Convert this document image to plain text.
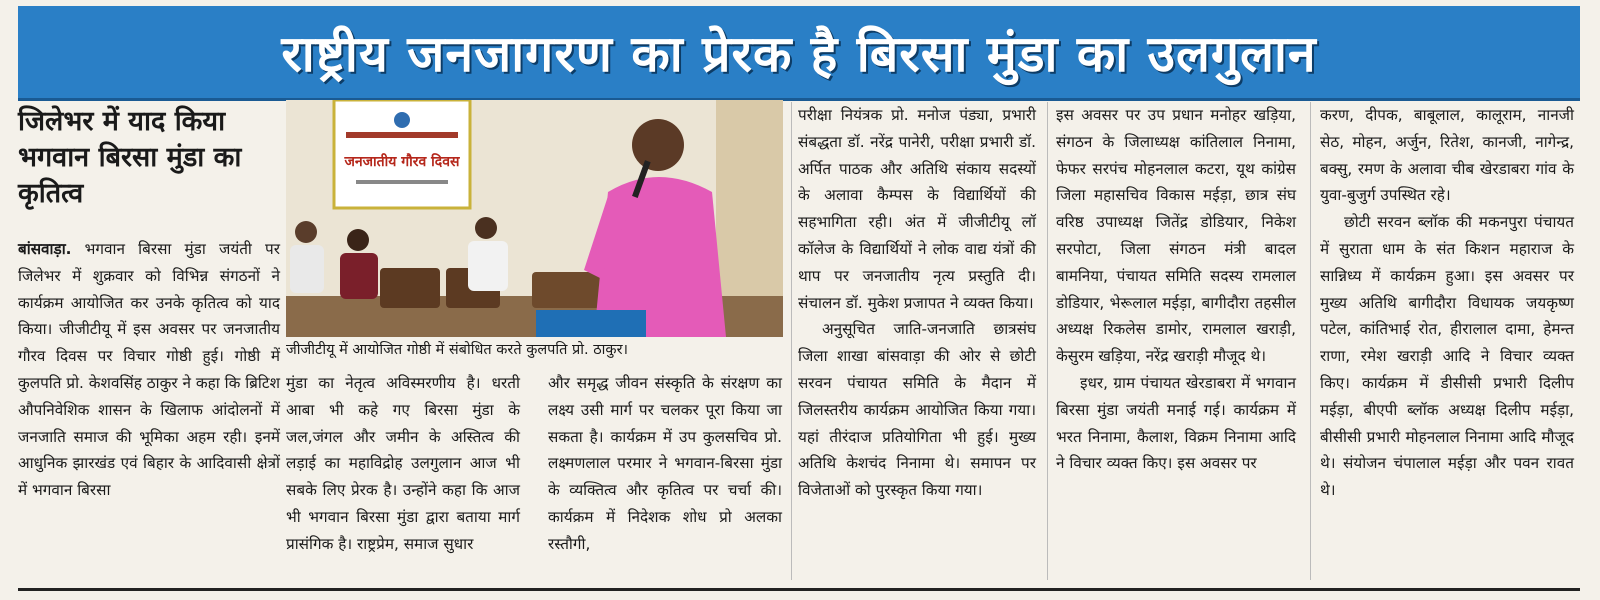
राष्ट्रीय जनजागरण का प्रेरक है बिरसा मुंडा का उलगुलान
जिलेभर में याद किया भगवान बिरसा मुंडा का कृतित्व

बांसवाड़ा. भगवान बिरसा मुंडा जयंती पर जिलेभर में शुक्रवार को विभिन्न संगठनों ने कार्यक्रम आयोजित कर उनके कृतित्व को याद किया। जीजीटीयू में इस अवसर पर जनजातीय गौरव दिवस पर विचार गोष्ठी हुई। गोष्ठी में कुलपति प्रो. केशवसिंह ठाकुर ने कहा कि ब्रिटिश औपनिवेशिक शासन के खिलाफ आंदोलनों में जनजाति समाज की भूमिका अहम रही। इनमें आधुनिक झारखंड एवं बिहार के आदिवासी क्षेत्रों में भगवान बिरसा

जनजातीय गौरव दिवस

जीजीटीयू में आयोजित गोष्ठी में संबोधित करते कुलपति प्रो. ठाकुर।

मुंडा का नेतृत्व अविस्मरणीय है। धरती आबा भी कहे गए बिरसा मुंडा के जल,जंगल और जमीन के अस्तित्व की लड़ाई का महाविद्रोह उलगुलान आज भी सबके लिए प्रेरक है। उन्होंने कहा कि आज भी भगवान बिरसा मुंडा द्वारा बताया मार्ग प्रासंगिक है। राष्ट्रप्रेम, समाज सुधार

और समृद्ध जीवन संस्कृति के संरक्षण का लक्ष्य उसी मार्ग पर चलकर पूरा किया जा सकता है। कार्यक्रम में उप कुलसचिव प्रो. लक्ष्मणलाल परमार ने भगवान-बिरसा मुंडा के व्यक्तित्व और कृतित्व पर चर्चा की। कार्यक्रम में निदेशक शोध प्रो अलका रस्तौगी,

परीक्षा नियंत्रक प्रो. मनोज पंड्या, प्रभारी संबद्धता डॉ. नरेंद्र पानेरी, परीक्षा प्रभारी डॉ. अर्पित पाठक और अतिथि संकाय सदस्यों के अलावा कैम्पस के विद्यार्थियों की सहभागिता रही। अंत में जीजीटीयू लॉ कॉलेज के विद्यार्थियों ने लोक वाद्य यंत्रों की थाप पर जनजातीय नृत्य प्रस्तुति दी। संचालन डॉ. मुकेश प्रजापत ने व्यक्त किया।

अनुसूचित जाति-जनजाति छात्रसंघ जिला शाखा बांसवाड़ा की ओर से छोटी सरवन पंचायत समिति के मैदान में जिलस्तरीय कार्यक्रम आयोजित किया गया। यहां तीरंदाज प्रतियोगिता भी हुई। मुख्य अतिथि केशचंद निनामा थे। समापन पर विजेताओं को पुरस्कृत किया गया।

इस अवसर पर उप प्रधान मनोहर खड़िया, संगठन के जिलाध्यक्ष कांतिलाल निनामा, फेफर सरपंच मोहनलाल कटरा, यूथ कांग्रेस जिला महासचिव विकास मईड़ा, छात्र संघ वरिष्ठ उपाध्यक्ष जितेंद्र डोडियार, निकेश सरपोटा, जिला संगठन मंत्री बादल बामनिया, पंचायत समिति सदस्य रामलाल डोडियार, भेरूलाल मईड़ा, बागीदौरा तहसील अध्यक्ष रिकलेस डामोर, रामलाल खराड़ी, केसुरम खड़िया, नरेंद्र खराड़ी मौजूद थे।

इधर, ग्राम पंचायत खेरडाबरा में भगवान बिरसा मुंडा जयंती मनाई गई। कार्यक्रम में भरत निनामा, कैलाश, विक्रम निनामा आदि ने विचार व्यक्त किए। इस अवसर पर

करण, दीपक, बाबूलाल, कालूराम, नानजी सेठ, मोहन, अर्जुन, रितेश, कानजी, नागेन्द्र, बक्सु, रमण के अलावा चीब खेरडाबरा गांव के युवा-बुजुर्ग उपस्थित रहे।

छोटी सरवन ब्लॉक की मकनपुरा पंचायत में सुराता धाम के संत किशन महाराज के सान्निध्य में कार्यक्रम हुआ। इस अवसर पर मुख्य अतिथि बागीदौरा विधायक जयकृष्ण पटेल, कांतिभाई रोत, हीरालाल दामा, हेमन्त राणा, रमेश खराड़ी आदि ने विचार व्यक्त किए। कार्यक्रम में डीसीसी प्रभारी दिलीप मईड़ा, बीएपी ब्लॉक अध्यक्ष दिलीप मईड़ा, बीसीसी प्रभारी मोहनलाल निनामा आदि मौजूद थे। संयोजन चंपालाल मईड़ा और पवन रावत थे।
